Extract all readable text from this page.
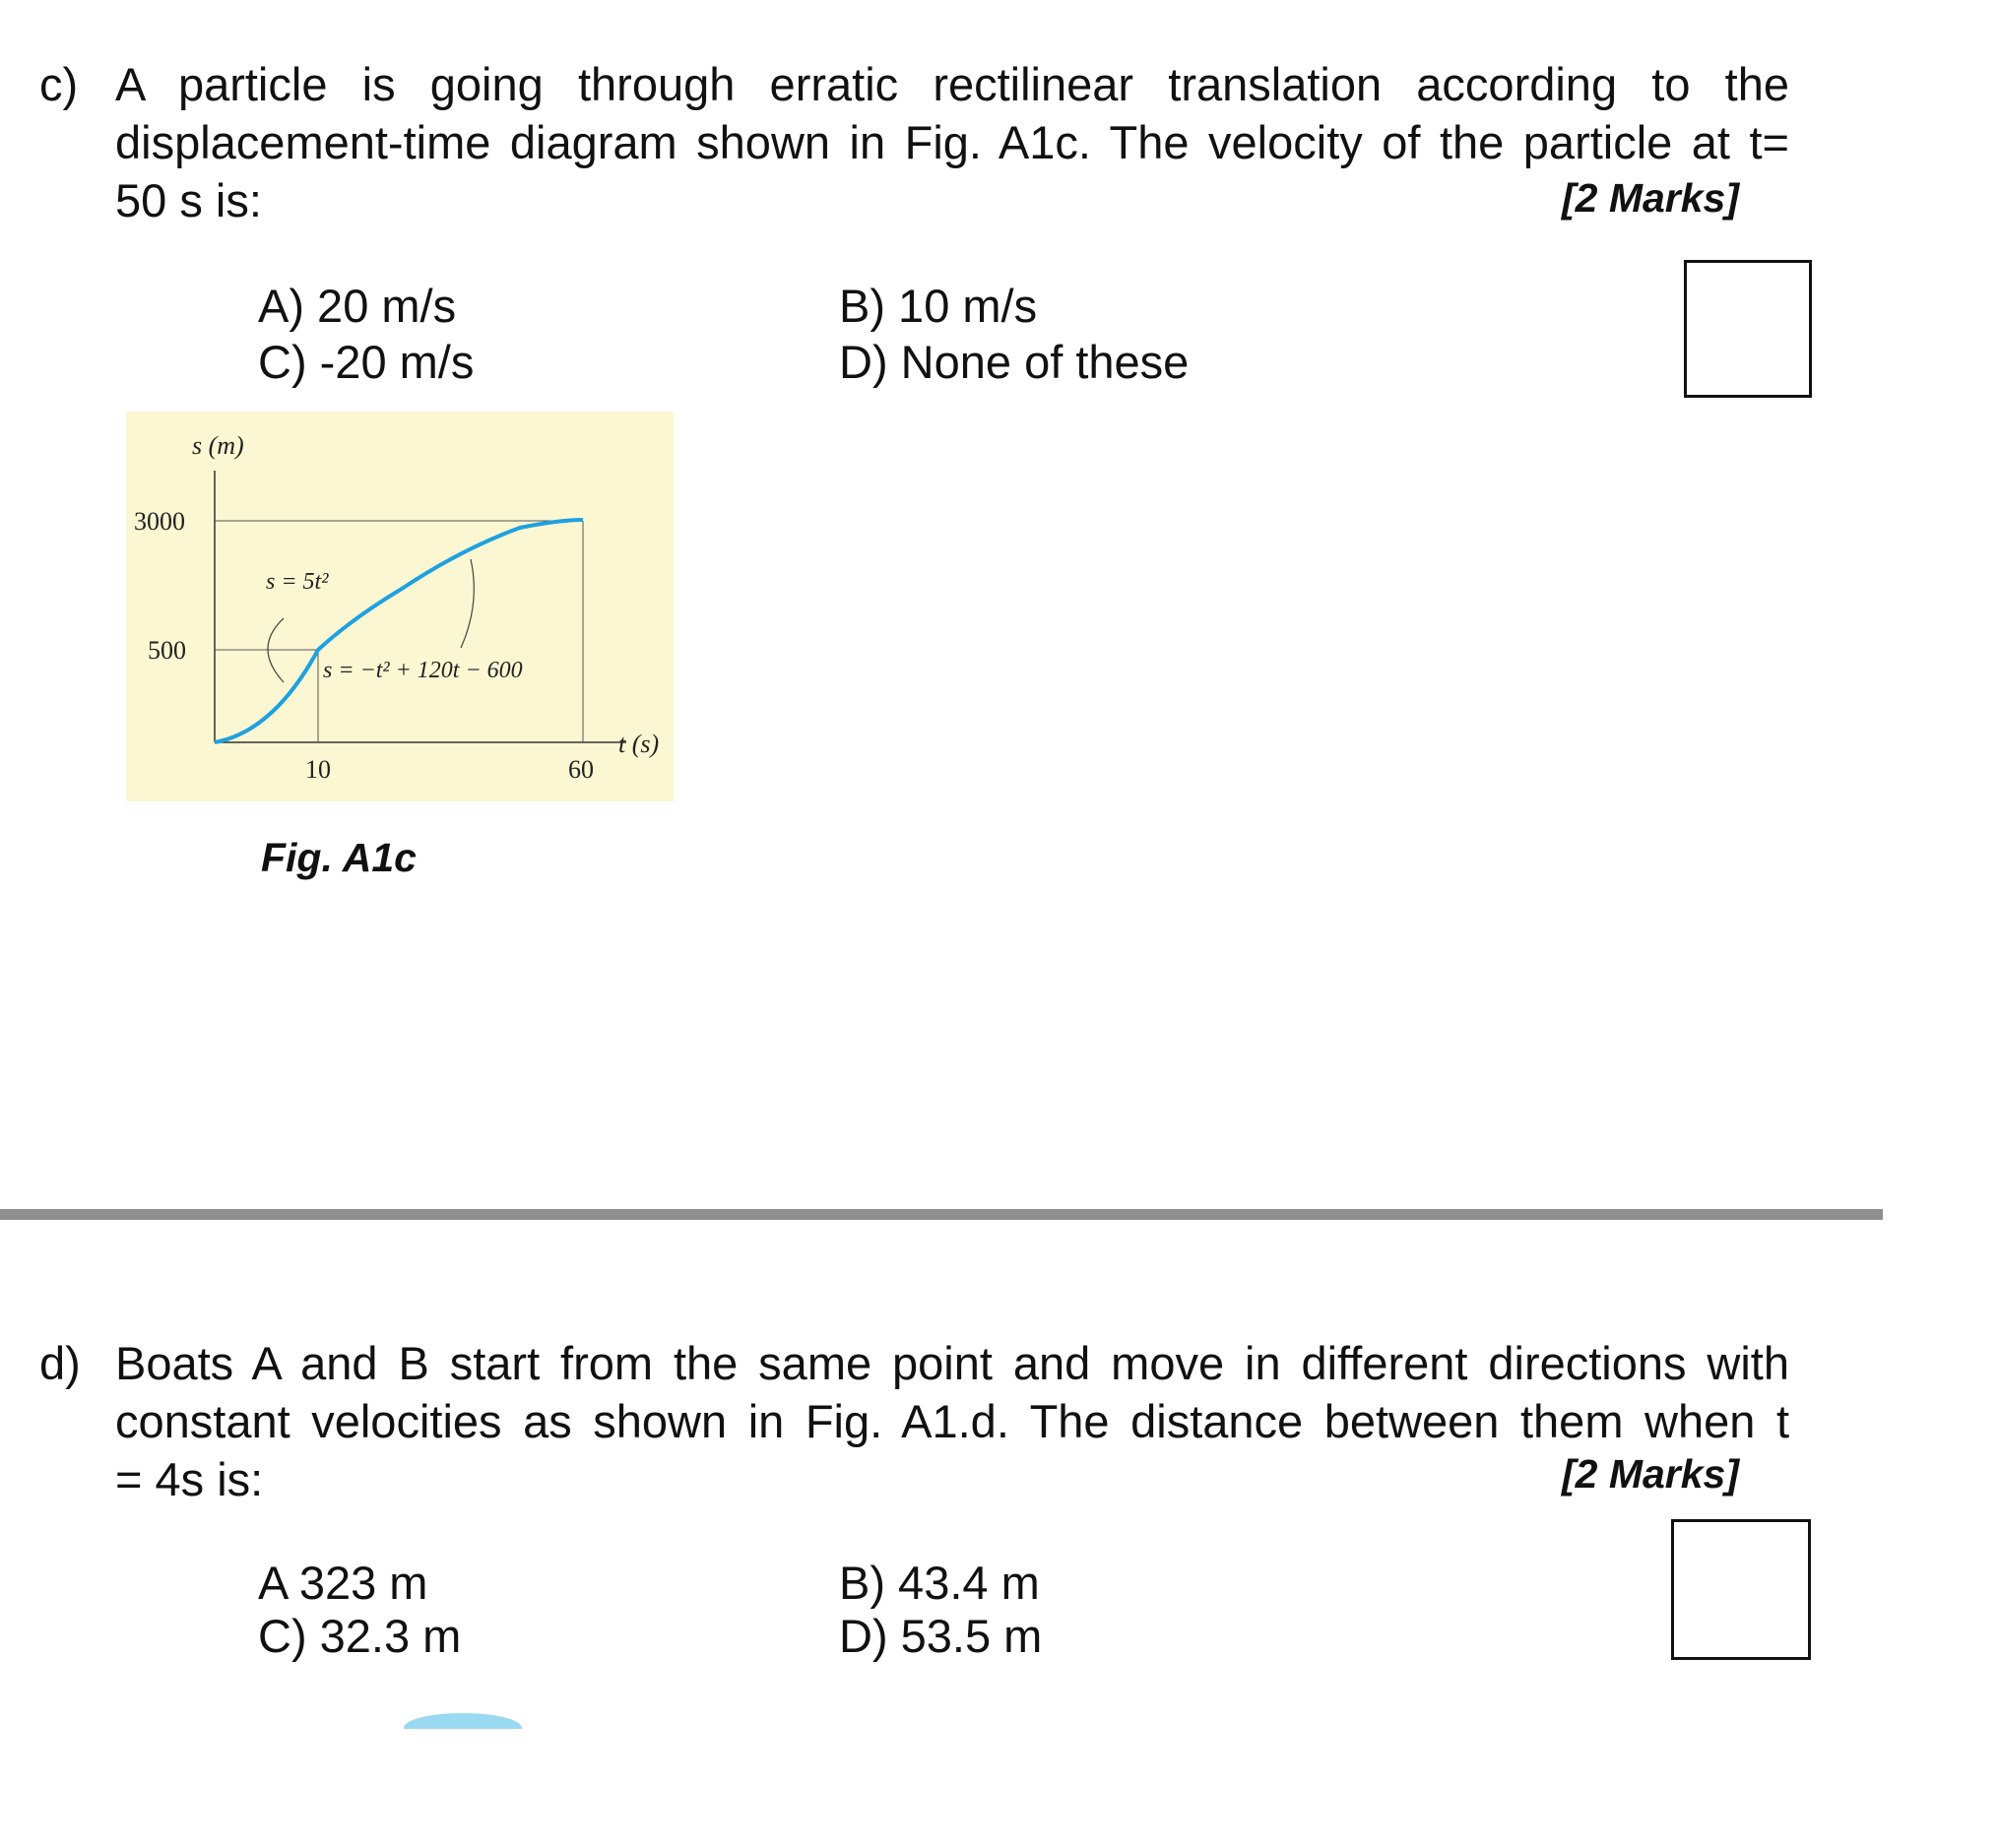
c) A particle is going through erratic rectilinear translation according to the
displacement-time diagram shown in Fig. A1c. The velocity of the particle at t=
50 s is:	[2 Marks]
A) 20 m/s	B) 10 m/s
C) -20 m/s	D) None of these
s (m)
3000
500
10	60
t (s)
s = 5t²
s = −t² + 120t − 600
Fig. A1c
d) Boats A and B start from the same point and move in different directions with
constant velocities as shown in Fig. A1.d. The distance between them when t
= 4s is:	[2 Marks]
A 323 m	B) 43.4 m
C) 32.3 m	D) 53.5 m
